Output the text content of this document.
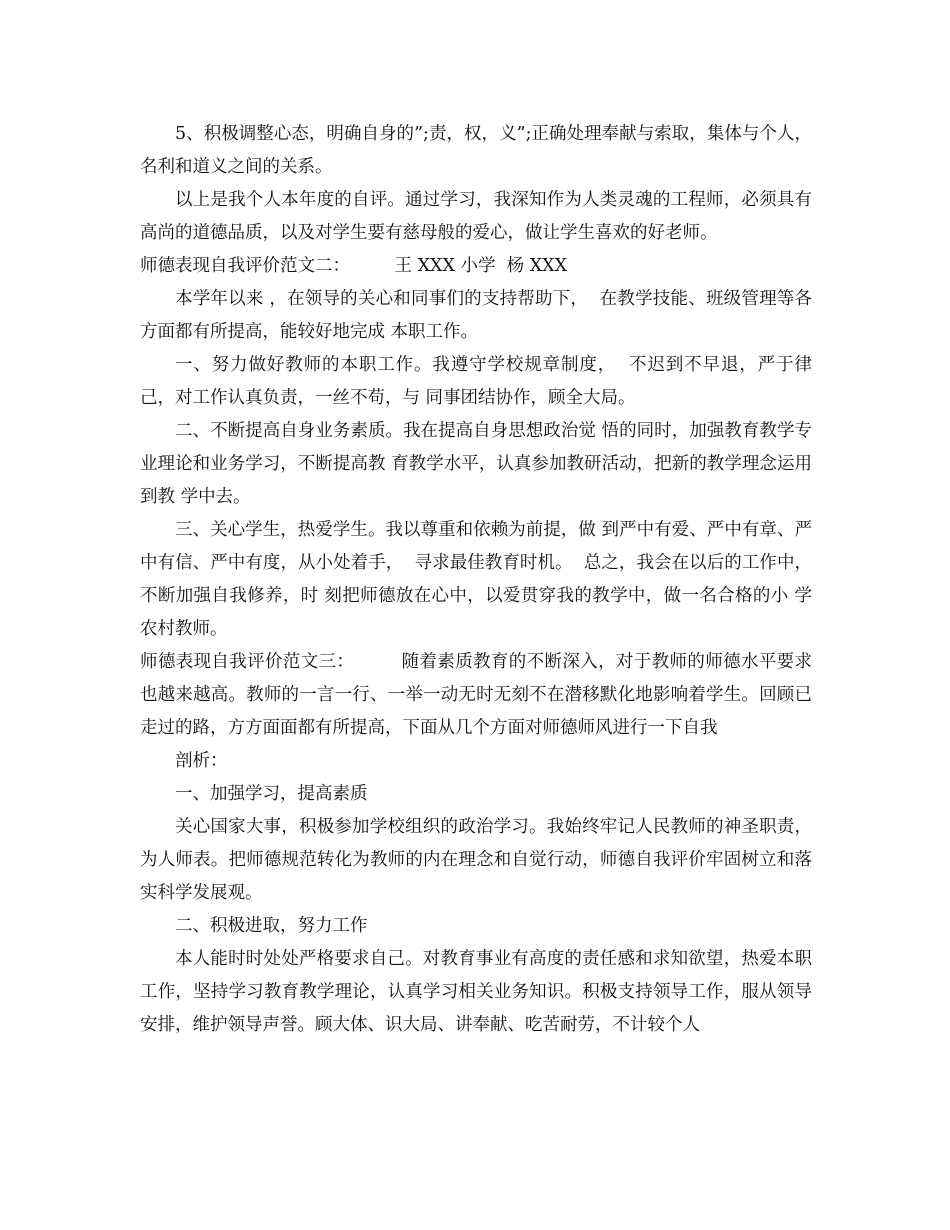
5、积极调整心态，明确自身的”;责，权，义”;正确处理奉献与索取，集体与个人，名利和道义之间的关系。

以上是我个人本年度的自评。通过学习，我深知作为人类灵魂的工程师，必须具有高尚的道德品质，以及对学生要有慈母般的爱心，做让学生喜欢的好老师。

师德表现自我评价范文二：        王 XXX 小学  杨 XXX

本学年以来 ，在领导的关心和同事们的支持帮助下，  在教学技能、班级管理等各方面都有所提高，能较好地完成 本职工作。

一、努力做好教师的本职工作。我遵守学校规章制度，  不迟到不早退，严于律己，对工作认真负责，一丝不苟，与 同事团结协作，顾全大局。

二、不断提高自身业务素质。我在提高自身思想政治觉 悟的同时，加强教育教学专业理论和业务学习，不断提高教 育教学水平，认真参加教研活动，把新的教学理念运用到教 学中去。

三、关心学生，热爱学生。我以尊重和依赖为前提，做 到严中有爱、严中有章、严中有信、严中有度，从小处着手，  寻求最佳教育时机。  总之，我会在以后的工作中，不断加强自我修养，时 刻把师德放在心中，以爱贯穿我的教学中，做一名合格的小 学农村教师。

师德表现自我评价范文三：        随着素质教育的不断深入，对于教师的师德水平要求也越来越高。教师的一言一行、一举一动无时无刻不在潜移默化地影响着学生。回顾已走过的路，方方面面都有所提高，下面从几个方面对师德师风进行一下自我

剖析：

一、加强学习，提高素质

关心国家大事，积极参加学校组织的政治学习。我始终牢记人民教师的神圣职责，为人师表。把师德规范转化为教师的内在理念和自觉行动，师德自我评价牢固树立和落实科学发展观。

二、积极进取，努力工作

本人能时时处处严格要求自己。对教育事业有高度的责任感和求知欲望，热爱本职工作，坚持学习教育教学理论，认真学习相关业务知识。积极支持领导工作，服从领导安排，维护领导声誉。顾大体、识大局、讲奉献、吃苦耐劳，不计较个人
